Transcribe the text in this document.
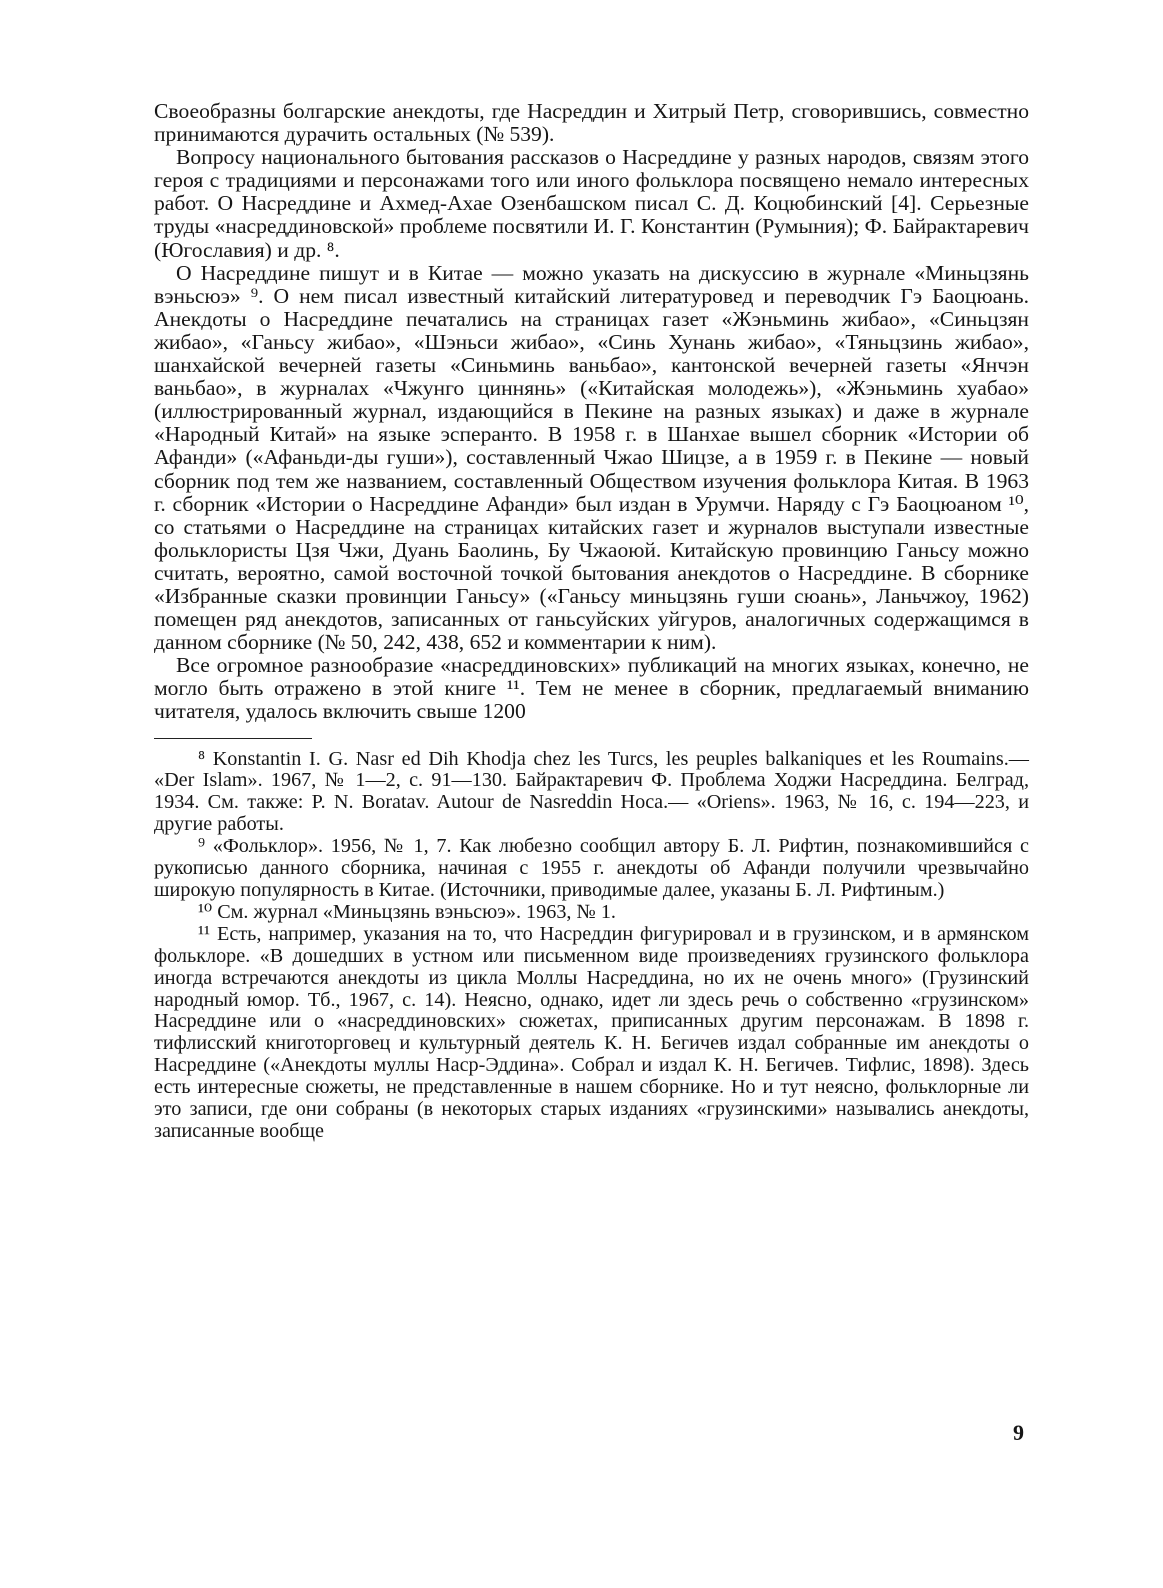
Своеобразны болгарские анекдоты, где Насреддин и Хитрый Петр, сговорившись, совместно принимаются дурачить остальных (№ 539).

Вопросу национального бытования рассказов о Насреддине у разных народов, связям этого героя с традициями и персонажами того или иного фольклора посвящено немало интересных работ. О Насреддине и Ахмед-Ахае Озенбашском писал С. Д. Коцюбинский [4]. Серьезные труды «насреддиновской» проблеме посвятили И. Г. Константин (Румыния); Ф. Байрактаревич (Югославия) и др. ⁸.

О Насреддине пишут и в Китае — можно указать на дискуссию в журнале «Миньцзянь вэньсюэ» ⁹. О нем писал известный китайский литературовед и переводчик Гэ Баоцюань. Анекдоты о Насреддине печатались на страницах газет «Жэньминь жибао», «Синьцзян жибао», «Ганьсу жибао», «Шэньси жибао», «Синь Хунань жибао», «Тяньцзинь жибао», шанхайской вечерней газеты «Синьминь ваньбао», кантонской вечерней газеты «Янчэн ваньбао», в журналах «Чжунго циннянь» («Китайская молодежь»), «Жэньминь хуабао» (иллюстрированный журнал, издающийся в Пекине на разных языках) и даже в журнале «Народный Китай» на языке эсперанто. В 1958 г. в Шанхае вышел сборник «Истории об Афанди» («Афаньди-ды гуши»), составленный Чжао Шицзе, а в 1959 г. в Пекине — новый сборник под тем же названием, составленный Обществом изучения фольклора Китая. В 1963 г. сборник «Истории о Насреддине Афанди» был издан в Урумчи. Наряду с Гэ Баоцюаном ¹⁰, со статьями о Насреддине на страницах китайских газет и журналов выступали известные фольклористы Цзя Чжи, Дуань Баолинь, Бу Чжаоюй. Китайскую провинцию Ганьсу можно считать, вероятно, самой восточной точкой бытования анекдотов о Насреддине. В сборнике «Избранные сказки провинции Ганьсу» («Ганьсу миньцзянь гуши сюань», Ланьчжоу, 1962) помещен ряд анекдотов, записанных от ганьсуйских уйгуров, аналогичных содержащимся в данном сборнике (№ 50, 242, 438, 652 и комментарии к ним).

Все огромное разнообразие «насреддиновских» публикаций на многих языках, конечно, не могло быть отражено в этой книге ¹¹. Тем не менее в сборник, предлагаемый вниманию читателя, удалось включить свыше 1200

⁸ Konstantin I. G. Nasr ed Dih Khodja chez les Turcs, les peuples balkaniques et les Roumains.— «Der Islam». 1967, № 1—2, с. 91—130. Байрактаревич Ф. Проблема Ходжи Насреддина. Белград, 1934. См. также: P. N. Boratav. Autour de Nasreddin Hoca.— «Oriens». 1963, № 16, с. 194—223, и другие работы.

⁹ «Фольклор». 1956, № 1, 7. Как любезно сообщил автору Б. Л. Рифтин, познакомившийся с рукописью данного сборника, начиная с 1955 г. анекдоты об Афанди получили чрезвычайно широкую популярность в Китае. (Источники, приводимые далее, указаны Б. Л. Рифтиным.)

¹⁰ См. журнал «Миньцзянь вэньсюэ». 1963, № 1.

¹¹ Есть, например, указания на то, что Насреддин фигурировал и в грузинском, и в армянском фольклоре. «В дошедших в устном или письменном виде произведениях грузинского фольклора иногда встречаются анекдоты из цикла Моллы Насреддина, но их не очень много» (Грузинский народный юмор. Тб., 1967, с. 14). Неясно, однако, идет ли здесь речь о собственно «грузинском» Насреддине или о «насреддиновских» сюжетах, приписанных другим персонажам. В 1898 г. тифлисский книготорговец и культурный деятель К. Н. Бегичев издал собранные им анекдоты о Насреддине («Анекдоты муллы Наср-Эддина». Собрал и издал К. Н. Бегичев. Тифлис, 1898). Здесь есть интересные сюжеты, не представленные в нашем сборнике. Но и тут неясно, фольклорные ли это записи, где они собраны (в некоторых старых изданиях «грузинскими» назывались анекдоты, записанные вообще

9
